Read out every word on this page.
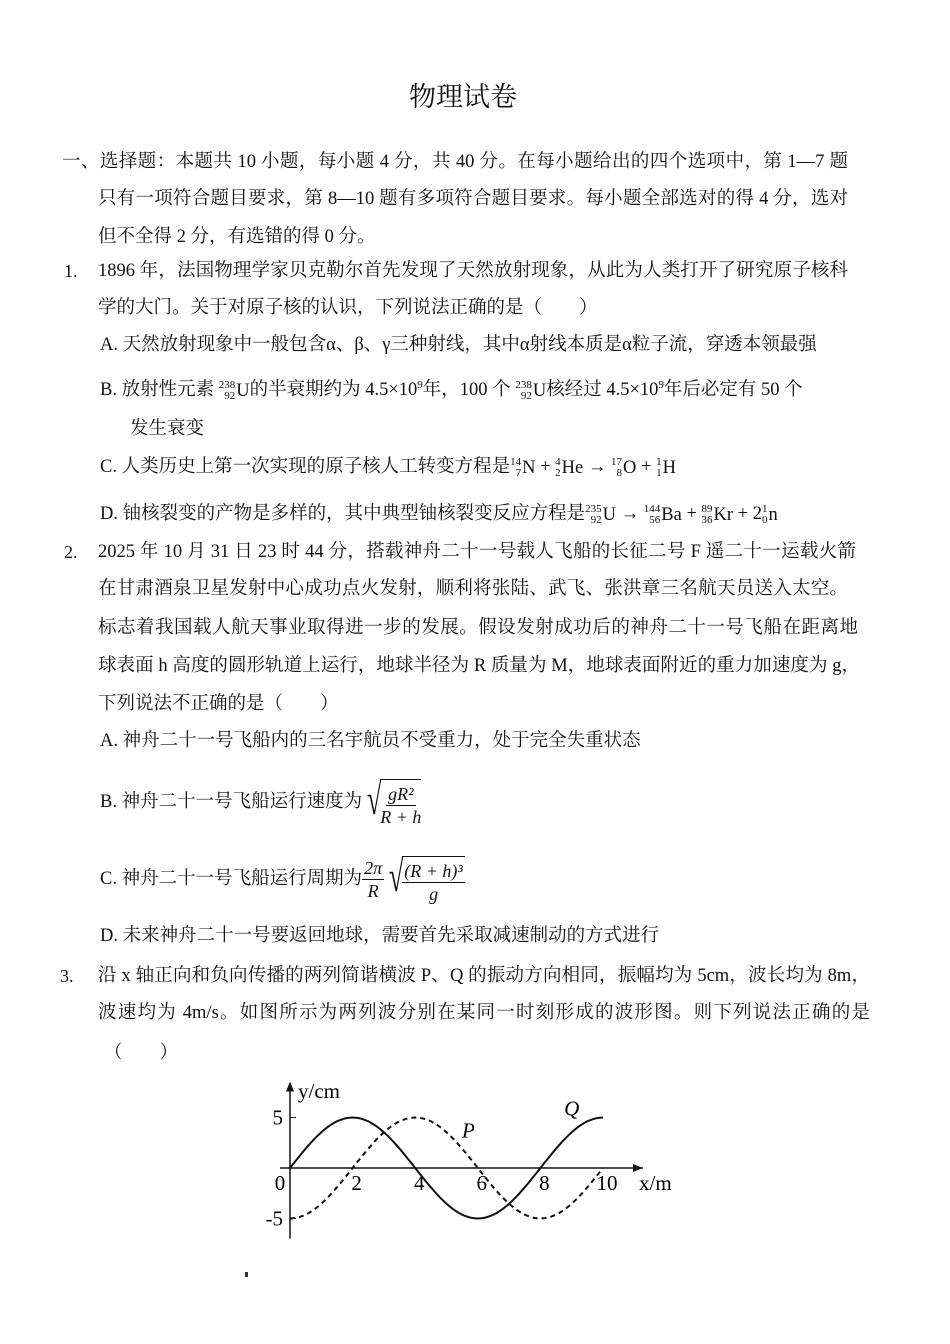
物理试卷
一、选择题：本题共 10 小题，每小题 4 分，共 40 分。在每小题给出的四个选项中，第 1—7 题
只有一项符合题目要求，第 8—10 题有多项符合题目要求。每小题全部选对的得 4 分，选对
但不全得 2 分，有选错的得 0 分。
1. 1896 年，法国物理学家贝克勒尔首先发现了天然放射现象，从此为人类打开了研究原子核科
学的大门。关于对原子核的认识，下列说法正确的是（　　）
A. 天然放射现象中一般包含α、β、γ三种射线，其中α射线本质是α粒子流，穿透本领最强
B. 放射性元素 238
92 U 的半衰期约为 $4.5\times 10^9$年，100 个 238
92 U 核经过 $4.5\times 10^9$年后必定有 50 个
发生衰变
C. 人类历史上第一次实现的原子核人工转变方程是 14
7 N + 4
2 He → 17
8 O + 1
1 H
D. 铀核裂变的产物是多样的，其中典型铀核裂变反应方程是 235
92 U → 144
56 Ba + 89
36 Kr + 2 1
0 n
2. 2025 年 10 月 31 日 23 时 44 分，搭载神舟二十一号载人飞船的长征二号 F 遥二十一运载火箭
在甘肃酒泉卫星发射中心成功点火发射，顺利将张陆、武飞、张洪章三名航天员送入太空。
标志着我国载人航天事业取得进一步的发展。假设发射成功后的神舟二十一号飞船在距离地
球表面 h 高度的圆形轨道上运行，地球半径为 R 质量为 M，地球表面附近的重力加速度为 g，
下列说法不正确的是（　　）
A. 神舟二十一号飞船内的三名宇航员不受重力，处于完全失重状态
B. 神舟二十一号飞船运行速度为 √
$\frac{\text{gR²}}{R + h}$
C. 神舟二十一号飞船运行周期为 $\frac{2\pi}{R}$ √
$\frac{\text{(R + h)³}}{g}$
D. 未来神舟二十一号要返回地球，需要首先采取减速制动的方式进行
3. 沿 x 轴正向和负向传播的两列简谐横波 P、Q 的振动方向相同，振幅均为 5cm，波长均为 8m，
波速均为 4m/s。如图所示为两列波分别在某同一时刻形成的波形图。则下列说法正确的是
（　　）
y/cm
x/m
0	2 4 6 8 10
5
-5
P
Q
